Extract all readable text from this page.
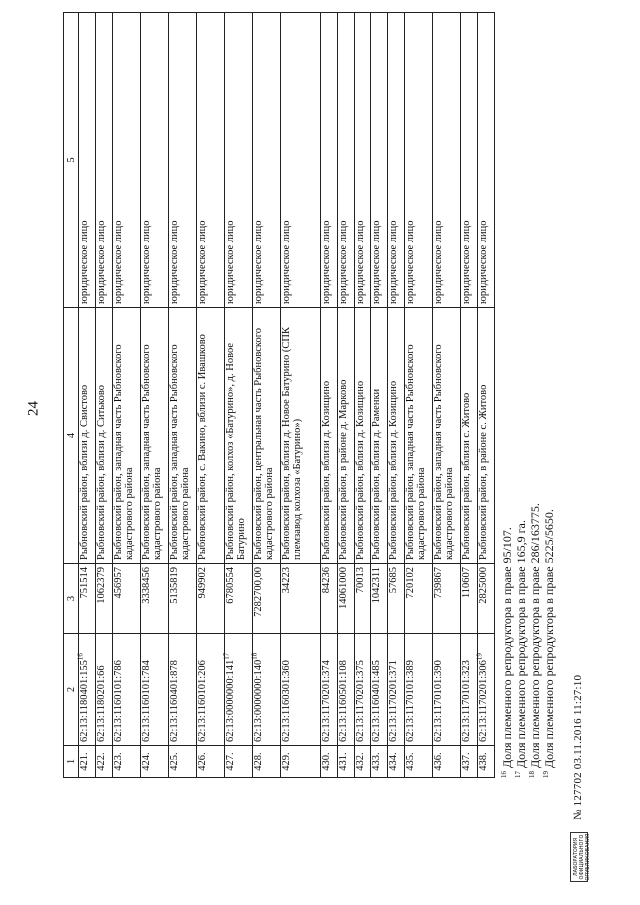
24
1	2	3	4	5
421.	$62:13:1180401:155^{16}$	751514	Рыбновский район, вблизи д. Свистово	юридическое лицо
422.	62:13:1180201:66	1062379	Рыбновский район, вблизи д. Ситьково	юридическое лицо
423.	62:13:1160101:786	456957	Рыбновский район, западная часть Рыбновского кадастрового района	юридическое лицо
424.	62:13:1160101:784	3338456	Рыбновский район, западная часть Рыбновского кадастрового района	юридическое лицо
425.	62:13:1160401:878	5135819	Рыбновский район, западная часть Рыбновского кадастрового района	юридическое лицо
426.	62:13:1160101:206	949902	Рыбновский район, с. Вакино, вблизи с. Ивашково	юридическое лицо
427.	$62:13:0000000:141^{17}$	6780554	Рыбновский район, колхоз «Батурино», д. Новое Батурино	юридическое лицо
428.	$62:13:0000000:140^{18}$	7282700,00	Рыбновский район, центральная часть Рыбновского кадастрового района	юридическое лицо
429.	62:13:1160301:360	34223	Рыбновский район, вблизи д. Новое Батурино (СПК племзавод колхоза «Батурино»)	юридическое лицо
430.	62:13:1170201:374	84236	Рыбновский район, вблизи д. Козищино	юридическое лицо
431.	62:13:1160501:108	14061000	Рыбновский район, в районе д. Марково	юридическое лицо
432.	62:13:1170201:375	70013	Рыбновский район, вблизи д. Козищино	юридическое лицо
433.	62:13:1160401:485	1042311	Рыбновский район, вблизи д. Раменки	юридическое лицо
434.	62:13:1170201:371	57685	Рыбновский район, вблизи д. Козищино	юридическое лицо
435.	62:13:1170101:389	720102	Рыбновский район, западная часть Рыбновского кадастрового района	юридическое лицо
436.	62:13:1170101:390	739867	Рыбновский район, западная часть Рыбновского кадастрового района	юридическое лицо
437.	62:13:1170101:323	110607	Рыбновский район, вблизи с. Житово	юридическое лицо
438.	$62:13:1170201:306^{19}$	2825000	Рыбновский район, в районе с. Житово	юридическое лицо

$^{16}$ Доля племенного репродуктора в праве 95/107.

$^{17}$ Доля племенного репродуктора в праве 165,9 га.

$^{18}$ Доля племенного репродуктора в праве 286/163775.

$^{19}$ Доля племенного репродуктора в праве 5225/5650.

ЛАБОРАТОРИЯ ОФИЦИАЛЬНОГО ОПУБЛИКОВАНИЯ
№ 127702 03.11.2016 11:27:10
